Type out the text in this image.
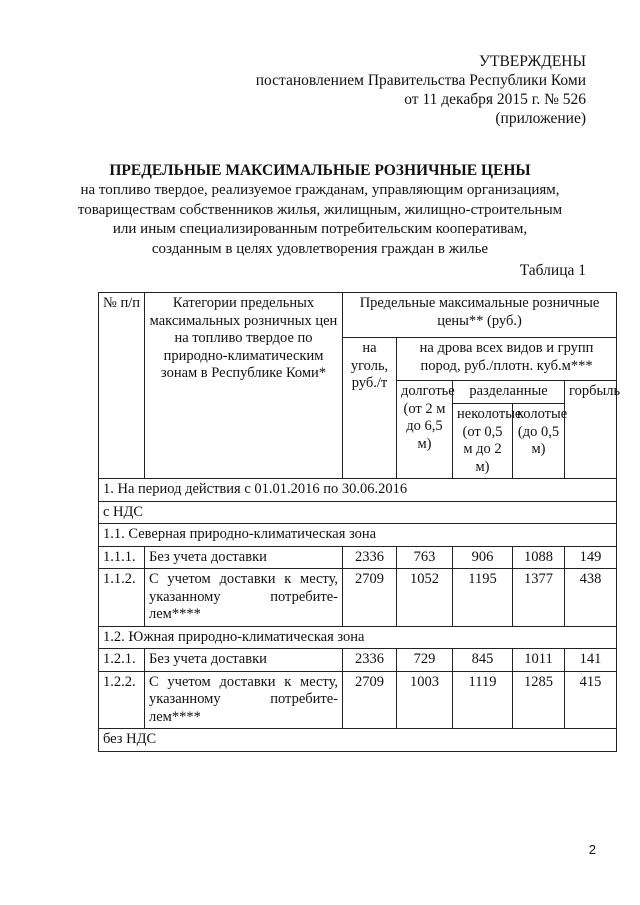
УТВЕРЖДЕНЫ
постановлением Правительства Республики Коми
от 11 декабря 2015 г. № 526
(приложение)
ПРЕДЕЛЬНЫЕ МАКСИМАЛЬНЫЕ РОЗНИЧНЫЕ ЦЕНЫ
на топливо твердое, реализуемое гражданам, управляющим организациям,
товариществам собственников жилья, жилищным, жилищно-строительным
или иным специализированным потребительским кооперативам,
созданным в целях удовлетворения граждан в жилье
Таблица 1
№ п/п	Категории предельных максимальных розничных цен на топливо твердое по природно-климатическим зонам в Республике Коми*	Предельные максимальные розничные цены** (руб.)				
		на уголь, руб./т	на дрова всех видов и групп пород, руб./плотн. куб.м***			
			долготье (от 2 м до 6,5 м)	разделанные		горбыль
				неколотые (от 0,5 м до 2 м)	колотые (до 0,5 м)	
1. На период действия с 01.01.2016 по 30.06.2016						
с НДС						
1.1. Северная природно-климатическая зона						
1.1.1.	Без учета доставки	2336	763	906	1088	149
1.1.2.	С учетом доставки к месту, указанному потребите-
лем****	2709	1052	1195	1377	438
1.2. Южная природно-климатическая зона						
1.2.1.	Без учета доставки	2336	729	845	1011	141
1.2.2.	С учетом доставки к месту, указанному потребите-
лем****	2709	1003	1119	1285	415
без НДС						
2
